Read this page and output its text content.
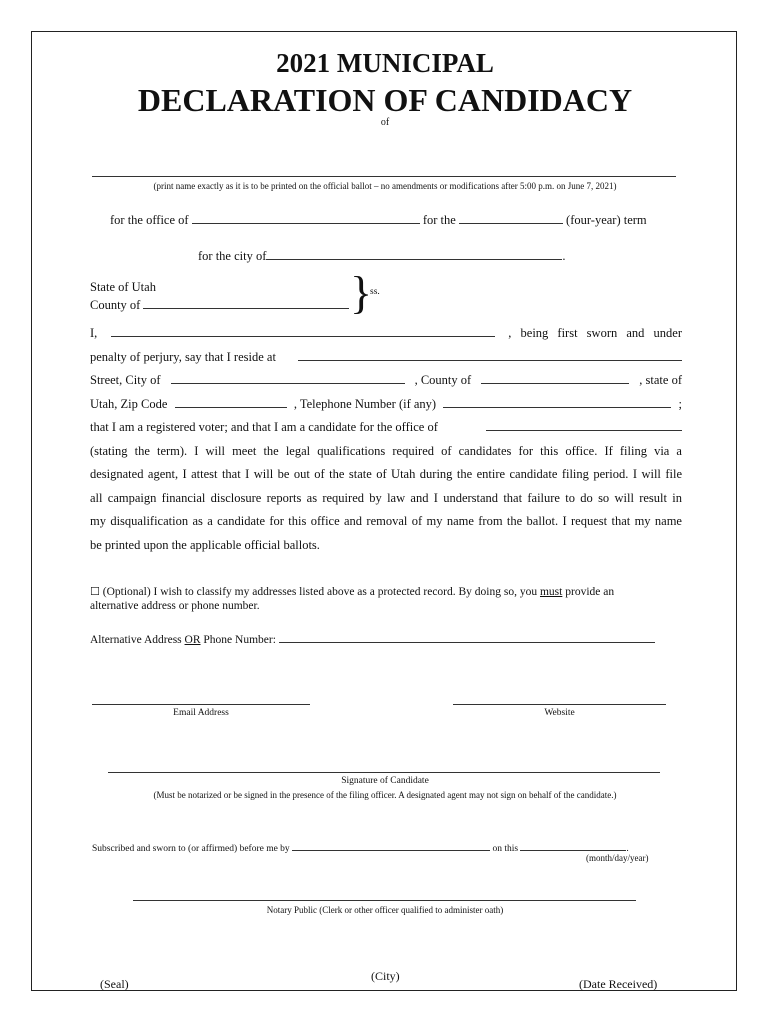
2021 MUNICIPAL
DECLARATION OF CANDIDACY
of
(print name exactly as it is to be printed on the official ballot – no amendments or modifications after 5:00 p.m. on June 7, 2021)
for the office of	for the	(four-year) term
for the city of	.
State of Utah
County of	}
ss.
I,	, being first sworn and under
penalty of perjury, say that I reside at
Street, City of	, County of	, state of
Utah, Zip Code	, Telephone Number (if any)	;
that I am a registered voter; and that I am a candidate for the office of
(stating the term). I will meet the legal qualifications required of candidates for this office. If filing via a
designated agent, I attest that I will be out of the state of Utah during the entire candidate filing period. I will file
all campaign financial disclosure reports as required by law and I understand that failure to do so will result in
my disqualification as a candidate for this office and removal of my name from the ballot. I request that my name
be printed upon the applicable official ballots.
☐ (Optional) I wish to classify my addresses listed above as a protected record. By doing so, you must provide an
alternative address or phone number.
Alternative Address OR Phone Number:
Email Address	Website
Signature of Candidate
(Must be notarized or be signed in the presence of the filing officer. A designated agent may not sign on behalf of the candidate.)
Subscribed and sworn to (or affirmed) before me by	on this	.
(month/day/year)
Notary Public (Clerk or other officer qualified to administer oath)
(Seal)
(City)
(Date Received)
